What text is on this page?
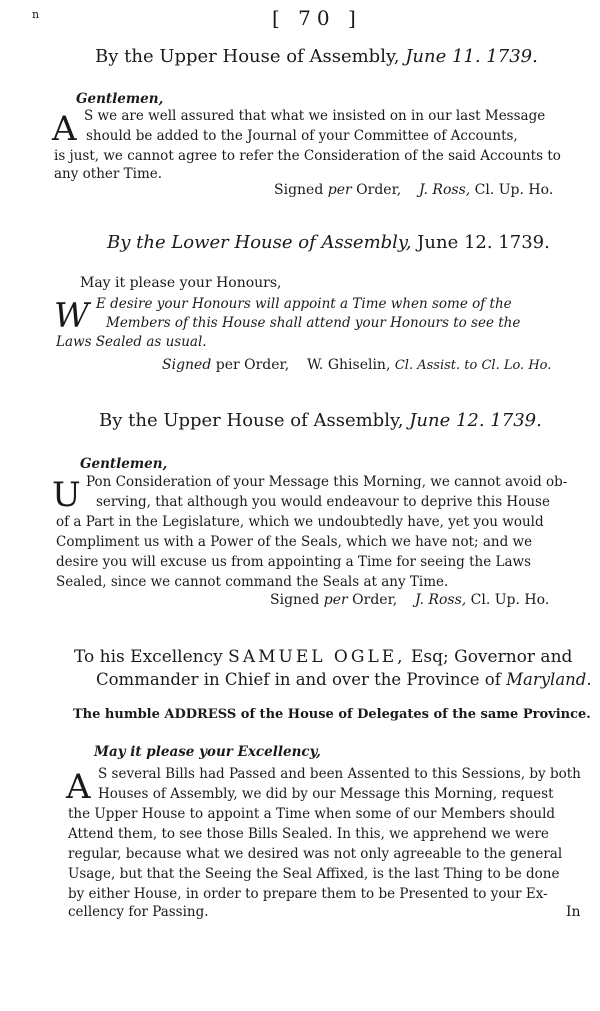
n	[ 70 ]
By the Upper House of Assembly, June 11. 1739.
Gentlemen,
A S we are well assured that what we insisted on in our last Message
should be added to the Journal of your Committee of Accounts,
is just, we cannot agree to refer the Consideration of the said Accounts to
any other Time.
Signed per Order, J. Ross, Cl. Up. Ho.
By the Lower House of Assembly, June 12. 1739.
May it please your Honours,
W E desire your Honours will appoint a Time when some of the
Members of this House shall attend your Honours to see the
Laws Sealed as usual.
Signed per Order, W. Ghiselin, Cl. Assist. to Cl. Lo. Ho.
By the Upper House of Assembly, June 12. 1739.
Gentlemen,
U Pon Consideration of your Message this Morning, we cannot avoid ob-
serving, that although you would endeavour to deprive this House
of a Part in the Legislature, which we undoubtedly have, yet you would
Compliment us with a Power of the Seals, which we have not; and we
desire you will excuse us from appointing a Time for seeing the Laws
Sealed, since we cannot command the Seals at any Time.
Signed per Order, J. Ross, Cl. Up. Ho.
To his Excellency SAMUEL OGLE, Esq; Governor and
Commander in Chief in and over the Province of Maryland.
The humble ADDRESS of the House of Delegates of the same Province.
May it please your Excellency,
A S several Bills had Passed and been Assented to this Sessions, by both
Houses of Assembly, we did by our Message this Morning, request
the Upper House to appoint a Time when some of our Members should
Attend them, to see those Bills Sealed. In this, we apprehend we were
regular, because what we desired was not only agreeable to the general
Usage, but that the Seeing the Seal Affixed, is the last Thing to be done
by either House, in order to prepare them to be Presented to your Ex-
cellency for Passing.	In
